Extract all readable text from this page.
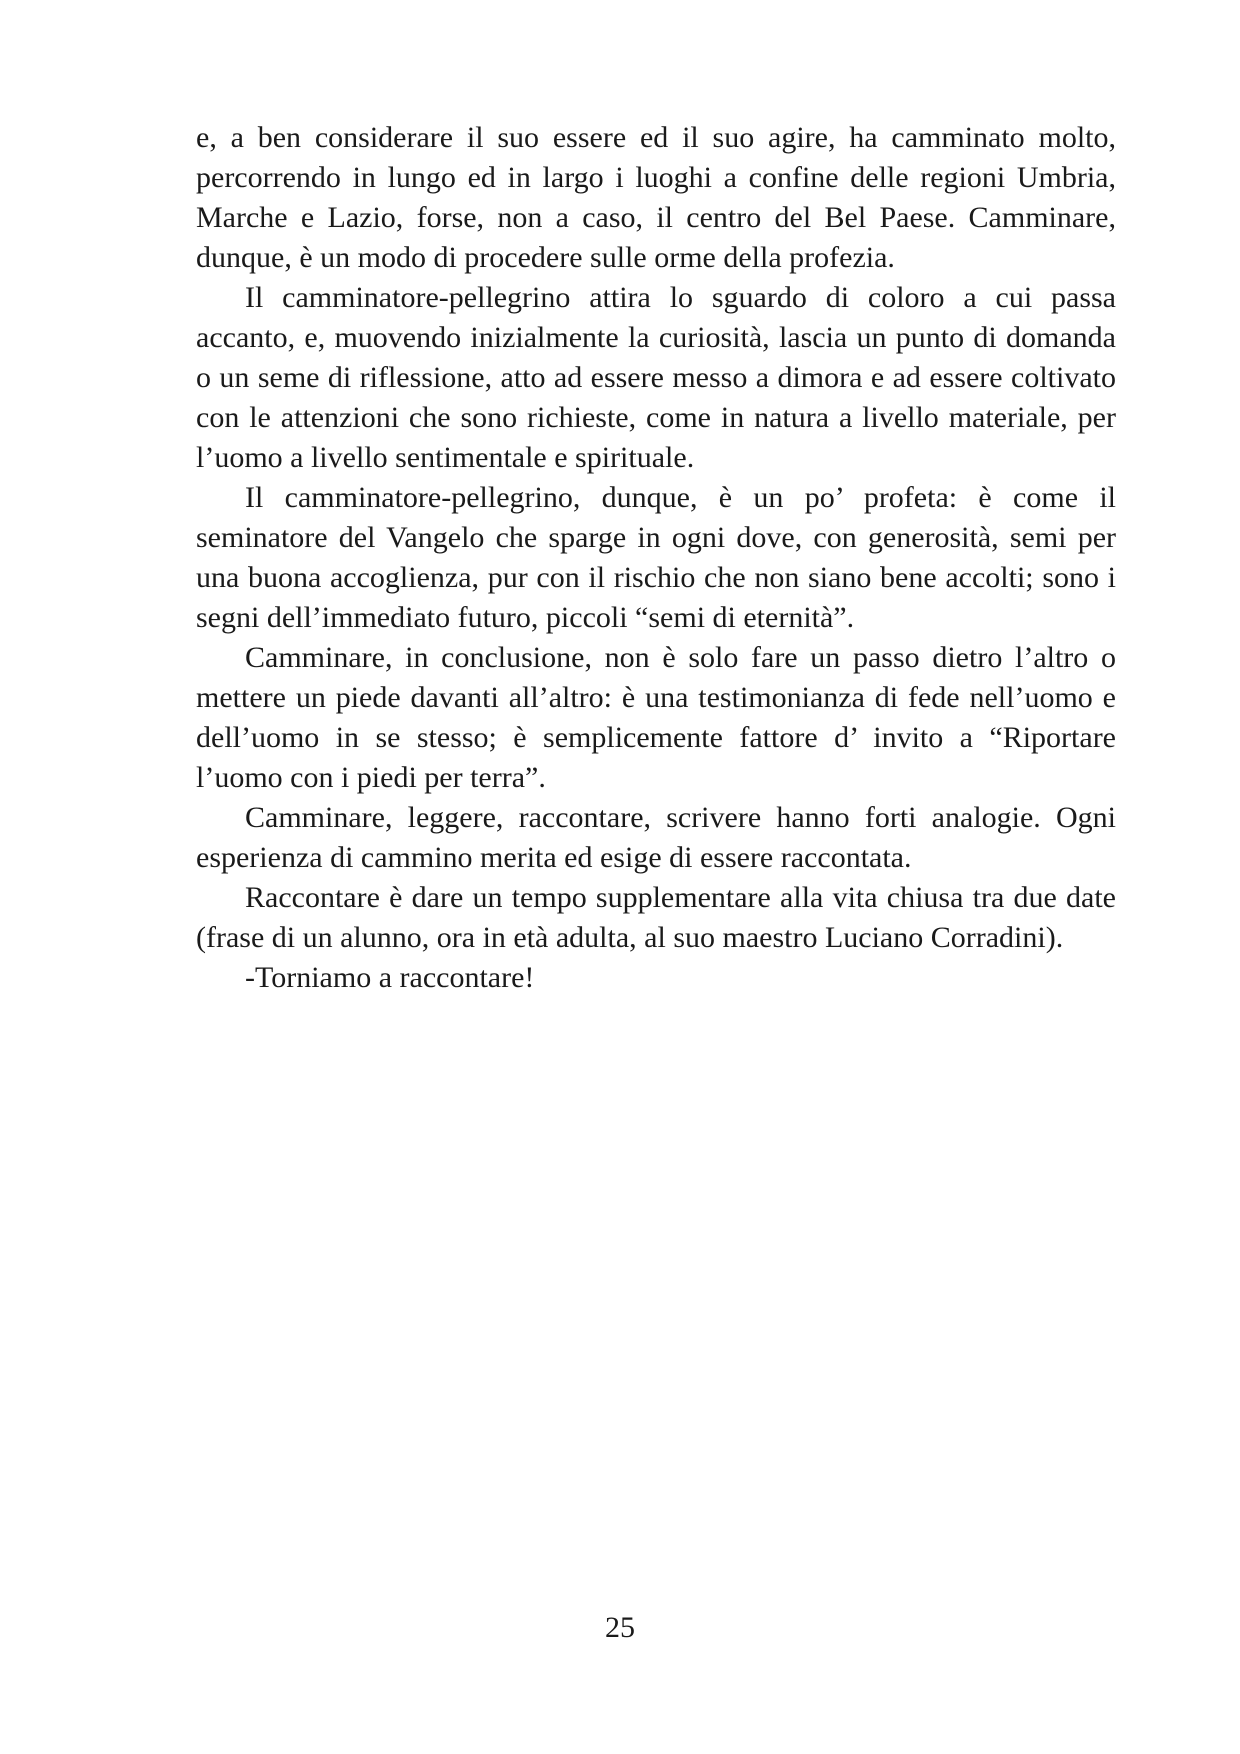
e, a ben considerare il suo essere ed il suo agire, ha camminato molto, percorrendo in lungo ed in largo i luoghi a confine delle regioni Umbria, Marche e Lazio, forse, non a caso, il centro del Bel Paese. Camminare, dunque, è un modo di procedere sulle orme della profezia.

Il camminatore-pellegrino attira lo sguardo di coloro a cui passa accanto, e, muovendo inizialmente la curiosità, lascia un punto di domanda o un seme di riflessione, atto ad essere messo a dimora e ad essere coltivato con le attenzioni che sono richieste, come in natura a livello materiale, per l’uomo a livello sentimentale e spirituale.

Il camminatore-pellegrino, dunque, è un po’ profeta: è come il seminatore del Vangelo che sparge in ogni dove, con generosità, semi per una buona accoglienza, pur con il rischio che non siano bene accolti; sono i segni dell’immediato futuro, piccoli “semi di eternità”.

Camminare, in conclusione, non è solo fare un passo dietro l’altro o mettere un piede davanti all’altro: è una testimonianza di fede nell’uomo e dell’uomo in se stesso; è semplicemente fattore d’ invito a “Riportare l’uomo con i piedi per terra”.

Camminare, leggere, raccontare, scrivere hanno forti analogie. Ogni esperienza di cammino merita ed esige di essere raccontata.

Raccontare è dare un tempo supplementare alla vita chiusa tra due date (frase di un alunno, ora in età adulta, al suo maestro Luciano Corradini).

-Torniamo a raccontare!

25
